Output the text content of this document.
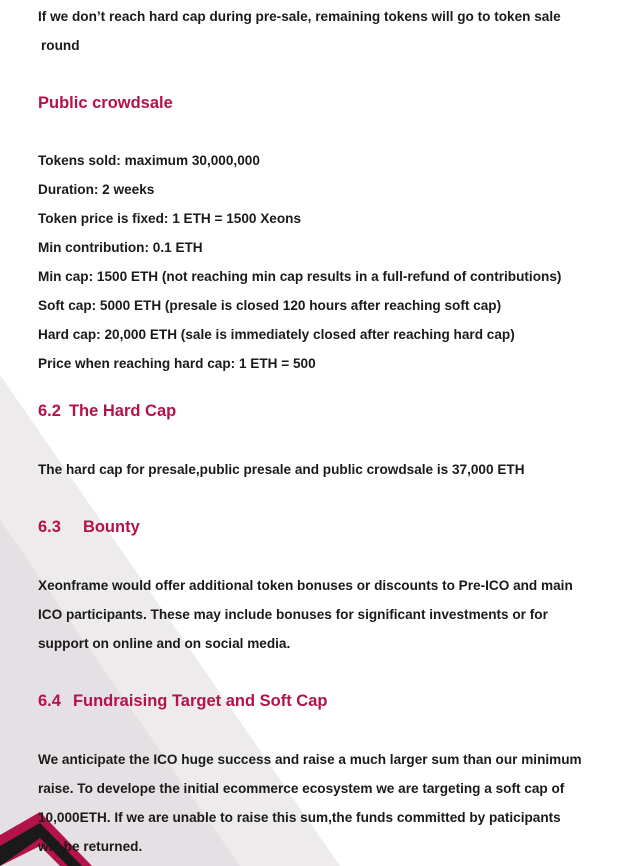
If we don’t reach hard cap during pre-sale, remaining tokens will go to token sale
round
Public crowdsale
Tokens sold: maximum 30,000,000
Duration: 2 weeks
Token price is fixed: 1 ETH = 1500 Xeons
Min contribution: 0.1 ETH
Min cap: 1500 ETH (not reaching min cap results in a full-refund of contributions)
Soft cap: 5000 ETH (presale is closed 120 hours after reaching soft cap)
Hard cap: 20,000 ETH (sale is immediately closed after reaching hard cap)
Price when reaching hard cap: 1 ETH = 500
6.2 The Hard Cap
The hard cap for presale,public presale and public crowdsale is 37,000 ETH
6.3 Bounty
Xeonframe would offer additional token bonuses or discounts to Pre-ICO and main
ICO participants. These may include bonuses for significant investments or for
support on online and on social media.
6.4 Fundraising Target and Soft Cap
We anticipate the ICO huge success and raise a much larger sum than our minimum
raise. To develope the initial ecommerce ecosystem we are targeting a soft cap of
10,000ETH. If we are unable to raise this sum,the funds committed by paticipants
will be returned.
